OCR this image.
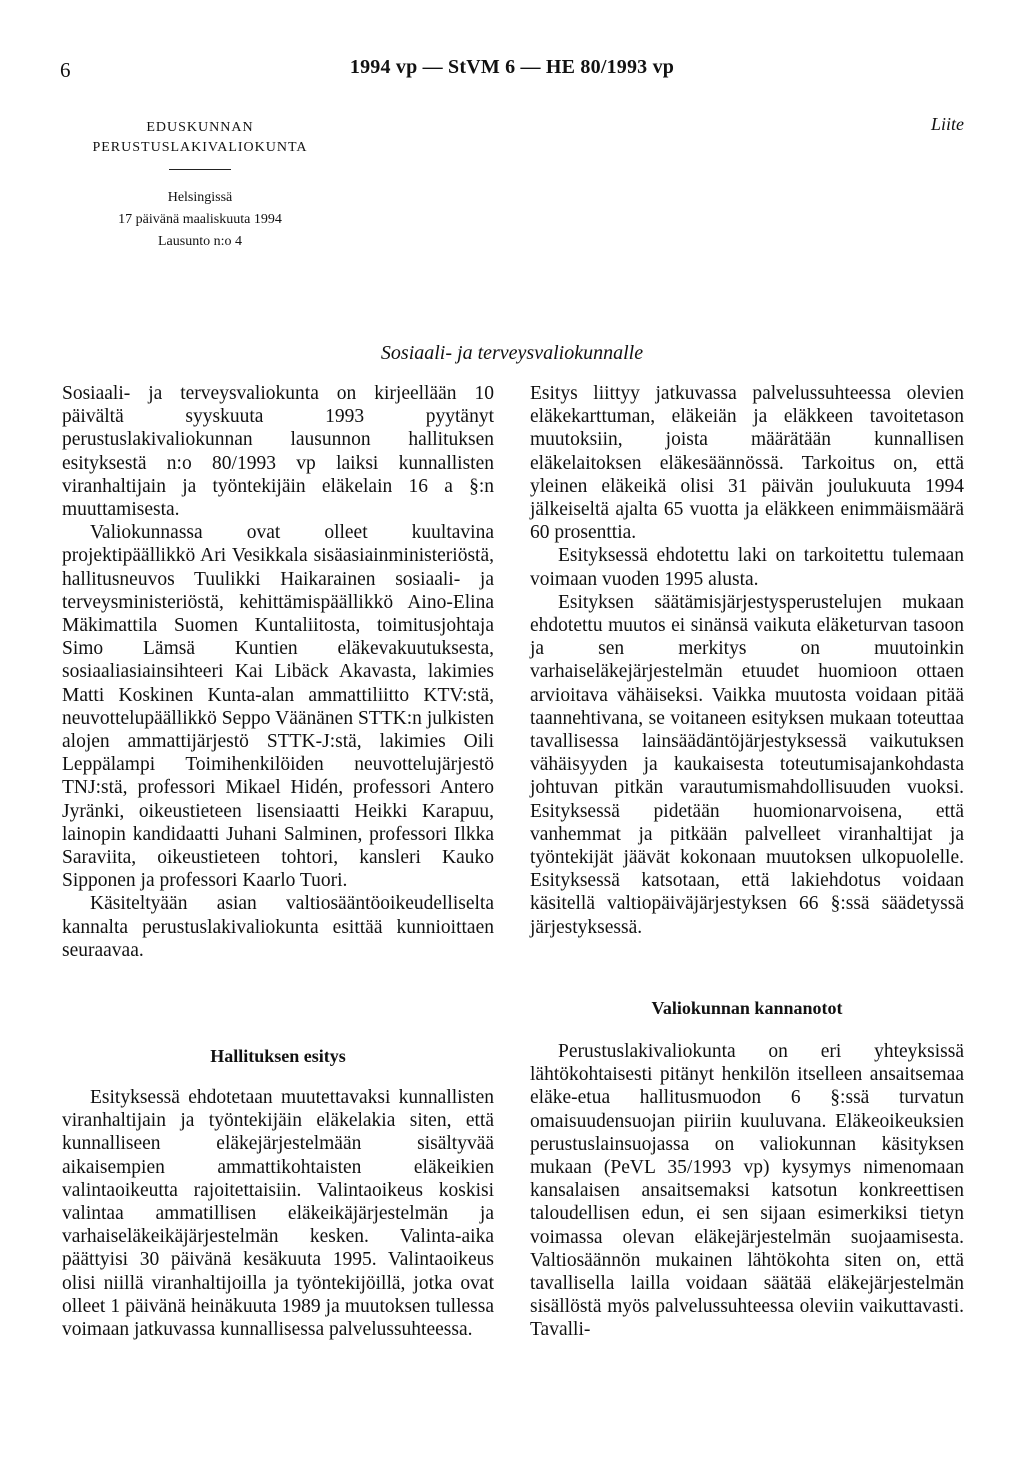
6	1994 vp — StVM 6 — HE 80/1993 vp
Liite
EDUSKUNNAN
PERUSTUSLAKIVALIOKUNTA
Helsingissä
17 päivänä maaliskuuta 1994
Lausunto n:o 4
Sosiaali- ja terveysvaliokunnalle

Sosiaali- ja terveysvaliokunta on kirjeellään 10 päivältä syyskuuta 1993 pyytänyt perustuslakivaliokunnan lausunnon hallituksen esityksestä n:o 80/1993 vp laiksi kunnallisten viranhaltijain ja työntekijäin eläkelain 16 a §:n muuttamisesta.

Valiokunnassa ovat olleet kuultavina projektipäällikkö Ari Vesikkala sisäasiainministeriöstä, hallitusneuvos Tuulikki Haikarainen sosiaali- ja terveysministeriöstä, kehittämispäällikkö Aino-Elina Mäkimattila Suomen Kuntaliitosta, toimitusjohtaja Simo Lämsä Kuntien eläkevakuutuksesta, sosiaaliasiainsihteeri Kai Libäck Akavasta, lakimies Matti Koskinen Kunta-alan ammattiliitto KTV:stä, neuvottelupäällikkö Seppo Väänänen STTK:n julkisten alojen ammattijärjestö STTK-J:stä, lakimies Oili Leppälampi Toimihenkilöiden neuvottelujärjestö TNJ:stä, professori Mikael Hidén, professori Antero Jyränki, oikeustieteen lisensiaatti Heikki Karapuu, lainopin kandidaatti Juhani Salminen, professori Ilkka Saraviita, oikeustieteen tohtori, kansleri Kauko Sipponen ja professori Kaarlo Tuori.

Käsiteltyään asian valtiosääntöoikeudelliselta kannalta perustuslakivaliokunta esittää kunnioittaen seuraavaa.

Hallituksen esitys

Esityksessä ehdotetaan muutettavaksi kunnallisten viranhaltijain ja työntekijäin eläkelakia siten, että kunnalliseen eläkejärjestelmään sisältyvää aikaisempien ammattikohtaisten eläkeikien valintaoikeutta rajoitettaisiin. Valintaoikeus koskisi valintaa ammatillisen eläkeikäjärjestelmän ja varhaiseläkeikäjärjestelmän kesken. Valinta-aika päättyisi 30 päivänä kesäkuuta 1995. Valintaoikeus olisi niillä viranhaltijoilla ja työntekijöillä, jotka ovat olleet 1 päivänä heinäkuuta 1989 ja muutoksen tullessa voimaan jatkuvassa kunnallisessa palvelussuhteessa.

Esitys liittyy jatkuvassa palvelussuhteessa olevien eläkekarttuman, eläkeiän ja eläkkeen tavoitetason muutoksiin, joista määrätään kunnallisen eläkelaitoksen eläkesäännössä. Tarkoitus on, että yleinen eläkeikä olisi 31 päivän joulukuuta 1994 jälkeiseltä ajalta 65 vuotta ja eläkkeen enimmäismäärä 60 prosenttia.

Esityksessä ehdotettu laki on tarkoitettu tulemaan voimaan vuoden 1995 alusta.

Esityksen säätämisjärjestysperustelujen mukaan ehdotettu muutos ei sinänsä vaikuta eläketurvan tasoon ja sen merkitys on muutoinkin varhaiseläkejärjestelmän etuudet huomioon ottaen arvioitava vähäiseksi. Vaikka muutosta voidaan pitää taannehtivana, se voitaneen esityksen mukaan toteuttaa tavallisessa lainsäädäntöjärjestyksessä vaikutuksen vähäisyyden ja kaukaisesta toteutumisajankohdasta johtuvan pitkän varautumismahdollisuuden vuoksi. Esityksessä pidetään huomionarvoisena, että vanhemmat ja pitkään palvelleet viranhaltijat ja työntekijät jäävät kokonaan muutoksen ulkopuolelle. Esityksessä katsotaan, että lakiehdotus voidaan käsitellä valtiopäiväjärjestyksen 66 §:ssä säädetyssä järjestyksessä.

Valiokunnan kannanotot

Perustuslakivaliokunta on eri yhteyksissä lähtökohtaisesti pitänyt henkilön itselleen ansaitsemaa eläke-etua hallitusmuodon 6 §:ssä turvatun omaisuudensuojan piiriin kuuluvana. Eläkeoikeuksien perustuslainsuojassa on valiokunnan käsityksen mukaan (PeVL 35/1993 vp) kysymys nimenomaan kansalaisen ansaitsemaksi katsotun konkreettisen taloudellisen edun, ei sen sijaan esimerkiksi tietyn voimassa olevan eläkejärjestelmän suojaamisesta. Valtiosäännön mukainen lähtökohta siten on, että tavallisella lailla voidaan säätää eläkejärjestelmän sisällöstä myös palvelussuhteessa oleviin vaikuttavasti. Tavalli-
